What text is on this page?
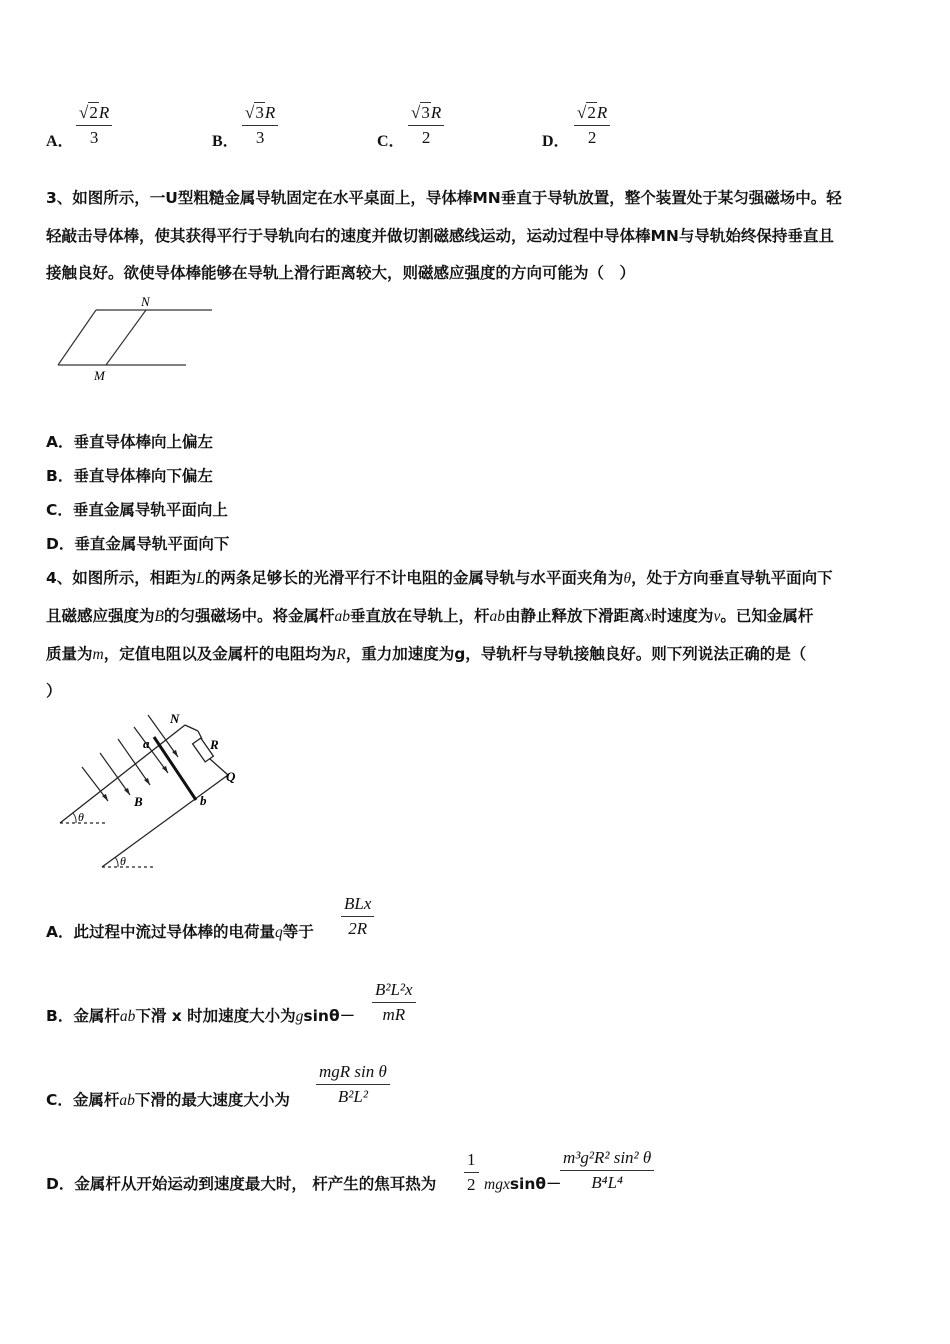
A． $\frac{√2R}{3}$	B． $\frac{√3R}{3}$	C． $\frac{√3R}{2}$	D． $\frac{√2R}{2}$
3、如图所示，一U型粗糙金属导轨固定在水平桌面上，导体棒MN垂直于导轨放置，整个装置处于某匀强磁场中。轻
轻敲击导体棒，使其获得平行于导轨向右的速度并做切割磁感线运动，运动过程中导体棒MN与导轨始终保持垂直且
接触良好。欲使导体棒能够在导轨上滑行距离较大，则磁感应强度的方向可能为（　）
N
M
A．垂直导体棒向上偏左
B．垂直导体棒向下偏左
C．垂直金属导轨平面向上
D．垂直金属导轨平面向下
4、如图所示，相距为L的两条足够长的光滑平行不计电阻的金属导轨与水平面夹角为θ，处于方向垂直导轨平面向下
且磁感应强度为B的匀强磁场中。将金属杆ab垂直放在导轨上，杆ab由静止释放下滑距离x时速度为v。已知金属杆
质量为m，定值电阻以及金属杆的电阻均为R，重力加速度为g，导轨杆与导轨接触良好。则下列说法正确的是（
）
N
a	R
Q
B	b
θ
θ
A．此过程中流过导体棒的电荷量q等于
BLx
2R
B．金属杆ab下滑 x 时加速度大小为$gsin\theta- \frac{\text{B²L²x}}{mR}$
C．金属杆ab下滑的最大速度大小为
mgR sin θ
B²L²
D．金属杆从开始运动到速度最大时， 杆产生的焦耳热为 $\frac{1}{2} mgxsin\theta-$
$\frac{\text{m³g²R² sin² θ}}{\text{B⁴L⁴}}$
